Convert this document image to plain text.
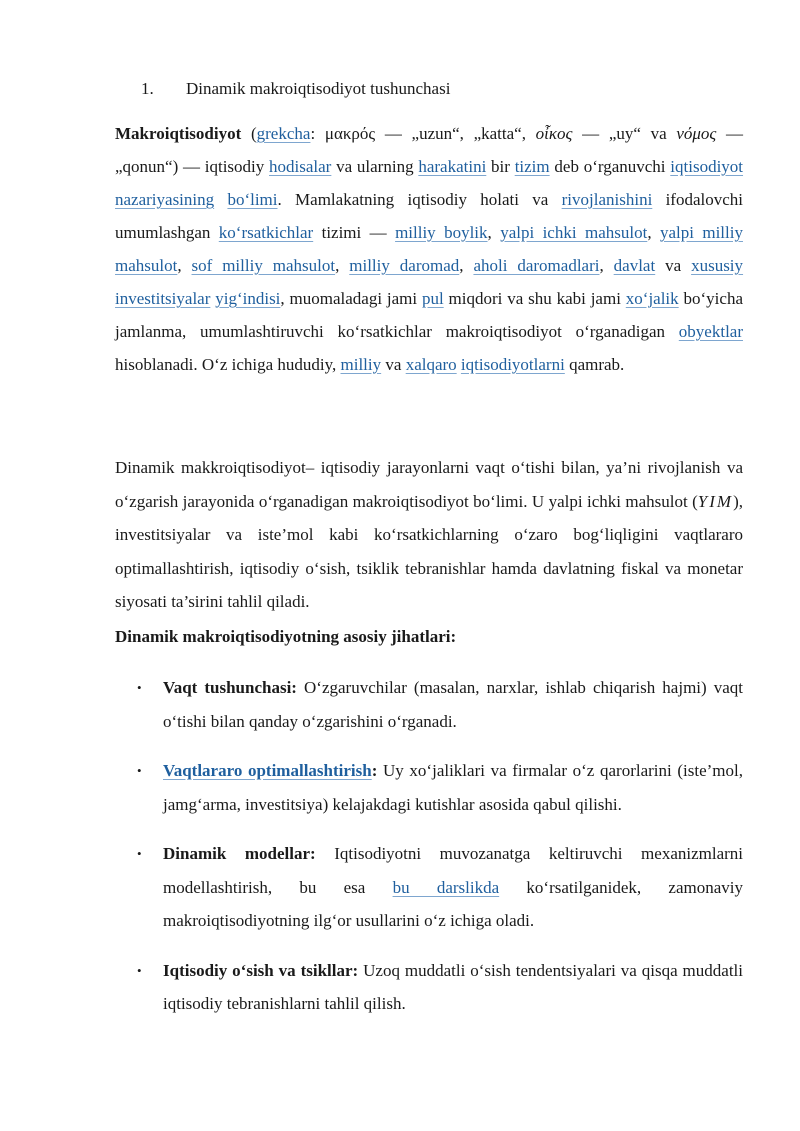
1. Dinamik makroiqtisodiyot tushunchasi

Makroiqtisodiyot (grekcha: μακρός — „uzun“, „katta“, οἶκος — „uy“ va νόμος — „qonun“) — iqtisodiy hodisalar va ularning harakatini bir tizim deb o‘rganuvchi iqtisodiyot nazariyasining bo‘limi. Mamlakatning iqtisodiy holati va rivojlanishini ifodalovchi umumlashgan ko‘rsatkichlar tizimi — milliy boylik, yalpi ichki mahsulot, yalpi milliy mahsulot, sof milliy mahsulot, milliy daromad, aholi daromadlari, davlat va xususiy investitsiyalar yig‘indisi, muomaladagi jami pul miqdori va shu kabi jami xo‘jalik bo‘yicha jamlanma, umumlashtiruvchi ko‘rsatkichlar makroiqtisodiyot o‘rganadigan obyektlar hisoblanadi. O‘z ichiga hududiy, milliy va xalqaro iqtisodiyotlarni qamrab.

Dinamik makkroiqtisodiyot– iqtisodiy jarayonlarni vaqt o‘tishi bilan, ya’ni rivojlanish va o‘zgarish jarayonida o‘rganadigan makroiqtisodiyot bo‘limi. U yalpi ichki mahsulot (YIM), investitsiyalar va iste’mol kabi ko‘rsatkichlarning o‘zaro bog‘liqligini vaqtlararo optimallashtirish, iqtisodiy o‘sish, tsiklik tebranishlar hamda davlatning fiskal va monetar siyosati ta’sirini tahlil qiladi.

Dinamik makroiqtisodiyotning asosiy jihatlari:

• Vaqt tushunchasi: O‘zgaruvchilar (masalan, narxlar, ishlab chiqarish hajmi) vaqt o‘tishi bilan qanday o‘zgarishini o‘rganadi.
• Vaqtlararo optimallashtirish: Uy xo‘jaliklari va firmalar o‘z qarorlarini (iste’mol, jamg‘arma, investitsiya) kelajakdagi kutishlar asosida qabul qilishi.
• Dinamik modellar: Iqtisodiyotni muvozanatga keltiruvchi mexanizmlarni modellashtirish, bu esa bu darslikda ko‘rsatilganidek, zamonaviy makroiqtisodiyotning ilg‘or usullarini o‘z ichiga oladi.
• Iqtisodiy o‘sish va tsikllar: Uzoq muddatli o‘sish tendentsiyalari va qisqa muddatli iqtisodiy tebranishlarni tahlil qilish.
